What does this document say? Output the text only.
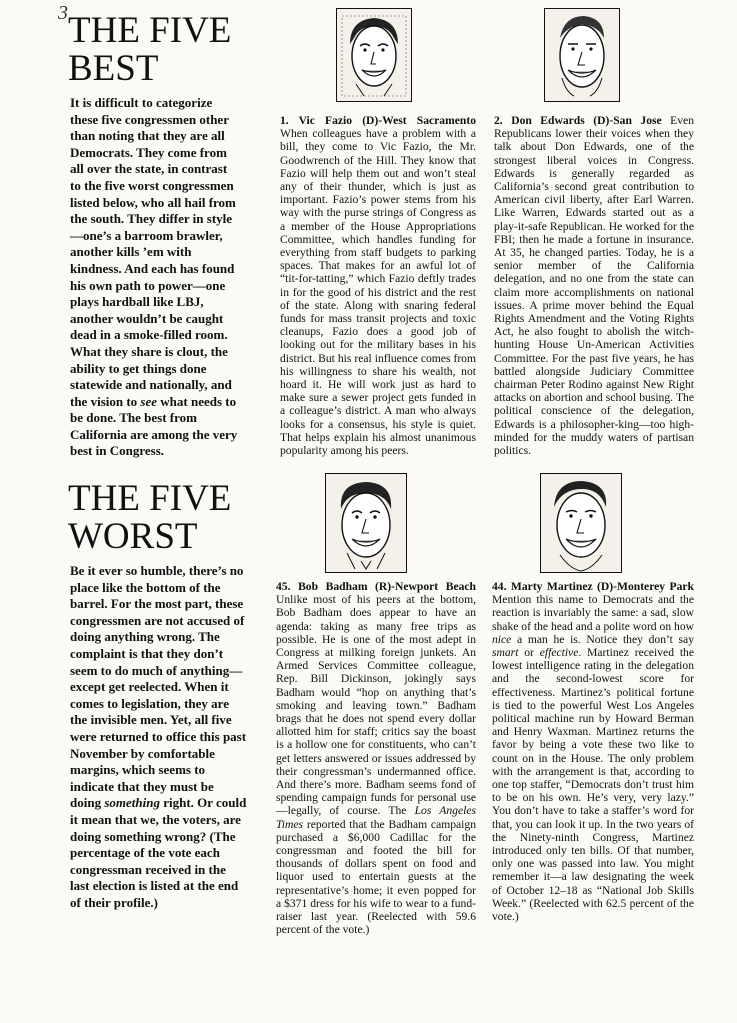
3 THE FIVE
BEST
It is difficult to categorize these five congressmen other than noting that they are all Democrats. They come from all over the state, in contrast to the five worst congressmen listed below, who all hail from the south. They differ in style—one’s a barroom brawler, another kills ’em with kindness. And each has found his own path to power—one plays hardball like LBJ, another wouldn’t be caught dead in a smoke-filled room. What they share is clout, the ability to get things done statewide and nationally, and the vision to see what needs to be done. The best from California are among the very best in Congress.
1. Vic Fazio (D)-West Sacramento When colleagues have a problem with a bill, they come to Vic Fazio, the Mr. Goodwrench of the Hill. They know that Fazio will help them out and won’t steal any of their thunder, which is just as important. Fazio’s power stems from his way with the purse strings of Congress as a member of the House Appropriations Committee, which handles funding for everything from staff budgets to parking spaces. That makes for an awful lot of “tit-for-tatting,” which Fazio deftly trades in for the good of his district and the rest of the state. Along with snaring federal funds for mass transit projects and toxic cleanups, Fazio does a good job of looking out for the military bases in his district. But his real influence comes from his willingness to share his wealth, not hoard it. He will work just as hard to make sure a sewer project gets funded in a colleague’s district. A man who always looks for a consensus, his style is quiet. That helps explain his almost unanimous popularity among his peers.
2. Don Edwards (D)-San Jose Even Republicans lower their voices when they talk about Don Edwards, one of the strongest liberal voices in Congress. Edwards is generally regarded as California’s second great contribution to American civil liberty, after Earl Warren. Like Warren, Edwards started out as a play-it-safe Republican. He worked for the FBI; then he made a fortune in insurance. At 35, he changed parties. Today, he is a senior member of the California delegation, and no one from the state can claim more accomplishments on national issues. A prime mover behind the Equal Rights Amendment and the Voting Rights Act, he also fought to abolish the witch-hunting House Un-American Activities Committee. For the past five years, he has battled alongside Judiciary Committee chairman Peter Rodino against New Right attacks on abortion and school busing. The political conscience of the delegation, Edwards is a philosopher-king—too high-minded for the muddy waters of partisan politics.
THE FIVE
WORST
Be it ever so humble, there’s no place like the bottom of the barrel. For the most part, these congressmen are not accused of doing anything wrong. The complaint is that they don’t seem to do much of anything—except get reelected. When it comes to legislation, they are the invisible men. Yet, all five were returned to office this past November by comfortable margins, which seems to indicate that they must be doing something right. Or could it mean that we, the voters, are doing something wrong? (The percentage of the vote each congressman received in the last election is listed at the end of their profile.)
45. Bob Badham (R)-Newport Beach Unlike most of his peers at the bottom, Bob Badham does appear to have an agenda: taking as many free trips as possible. He is one of the most adept in Congress at milking foreign junkets. An Armed Services Committee colleague, Rep. Bill Dickinson, jokingly says Badham would “hop on anything that’s smoking and leaving town.” Badham brags that he does not spend every dollar allotted him for staff; critics say the boast is a hollow one for constituents, who can’t get letters answered or issues addressed by their congressman’s undermanned office. And there’s more. Badham seems fond of spending campaign funds for personal use—legally, of course. The Los Angeles Times reported that the Badham campaign purchased a $6,000 Cadillac for the congressman and footed the bill for thousands of dollars spent on food and liquor used to entertain guests at the representative’s home; it even popped for a $371 dress for his wife to wear to a fund-raiser last year. (Reelected with 59.6 percent of the vote.)
44. Marty Martinez (D)-Monterey Park Mention this name to Democrats and the reaction is invariably the same: a sad, slow shake of the head and a polite word on how nice a man he is. Notice they don’t say smart or effective. Martinez received the lowest intelligence rating in the delegation and the second-lowest score for effectiveness. Martinez’s political fortune is tied to the powerful West Los Angeles political machine run by Howard Berman and Henry Waxman. Martinez returns the favor by being a vote these two like to count on in the House. The only problem with the arrangement is that, according to one top staffer, “Democrats don’t trust him to be on his own. He’s very, very lazy.” You don’t have to take a staffer’s word for that, you can look it up. In the two years of the Ninety-ninth Congress, Martinez introduced only ten bills. Of that number, only one was passed into law. You might remember it—a law designating the week of October 12–18 as “National Job Skills Week.” (Reelected with 62.5 percent of the vote.)
